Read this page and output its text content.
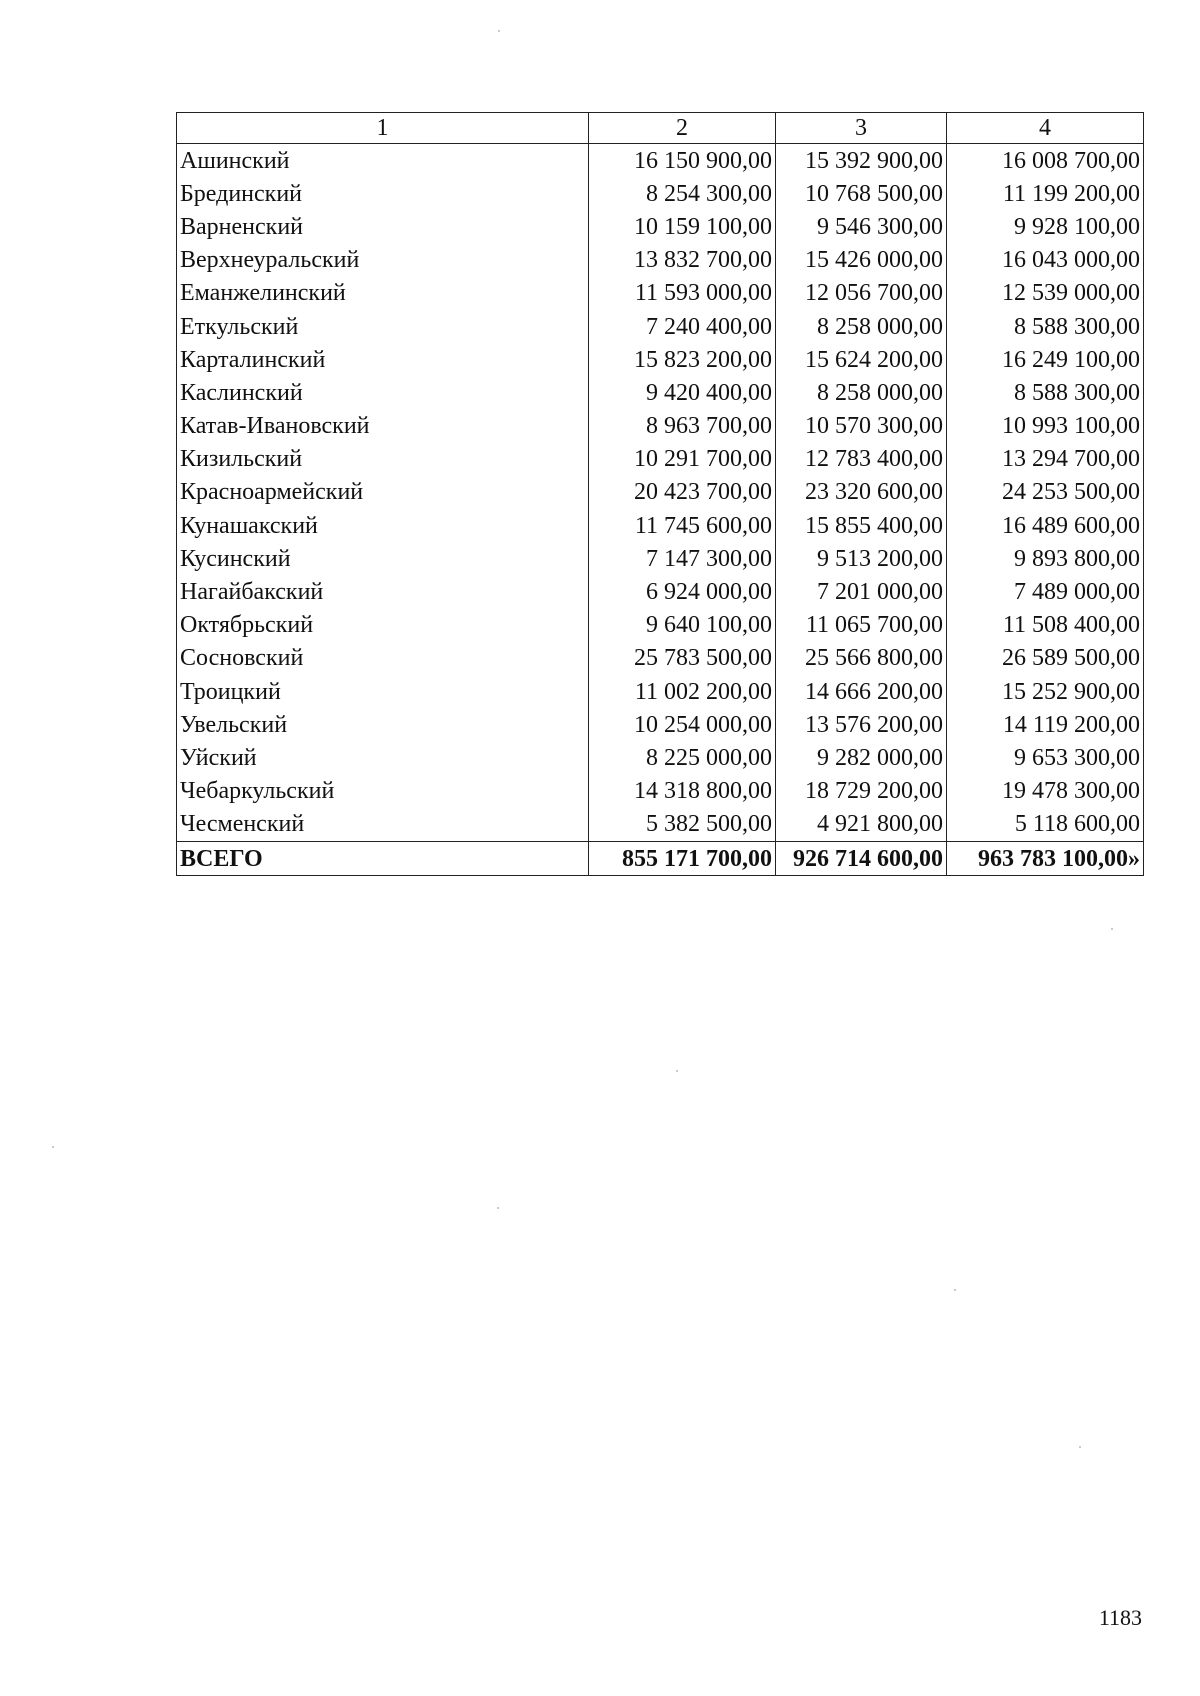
1	2	3	4
Ашинский	16 150 900,00	15 392 900,00	16 008 700,00
Брединский	8 254 300,00	10 768 500,00	11 199 200,00
Варненский	10 159 100,00	9 546 300,00	9 928 100,00
Верхнеуральский	13 832 700,00	15 426 000,00	16 043 000,00
Еманжелинский	11 593 000,00	12 056 700,00	12 539 000,00
Еткульский	7 240 400,00	8 258 000,00	8 588 300,00
Карталинский	15 823 200,00	15 624 200,00	16 249 100,00
Каслинский	9 420 400,00	8 258 000,00	8 588 300,00
Катав-Ивановский	8 963 700,00	10 570 300,00	10 993 100,00
Кизильский	10 291 700,00	12 783 400,00	13 294 700,00
Красноармейский	20 423 700,00	23 320 600,00	24 253 500,00
Кунашакский	11 745 600,00	15 855 400,00	16 489 600,00
Кусинский	7 147 300,00	9 513 200,00	9 893 800,00
Нагайбакский	6 924 000,00	7 201 000,00	7 489 000,00
Октябрьский	9 640 100,00	11 065 700,00	11 508 400,00
Сосновский	25 783 500,00	25 566 800,00	26 589 500,00
Троицкий	11 002 200,00	14 666 200,00	15 252 900,00
Увельский	10 254 000,00	13 576 200,00	14 119 200,00
Уйский	8 225 000,00	9 282 000,00	9 653 300,00
Чебаркульский	14 318 800,00	18 729 200,00	19 478 300,00
Чесменский	5 382 500,00	4 921 800,00	5 118 600,00
ВСЕГО	855 171 700,00	926 714 600,00	963 783 100,00»
1183
